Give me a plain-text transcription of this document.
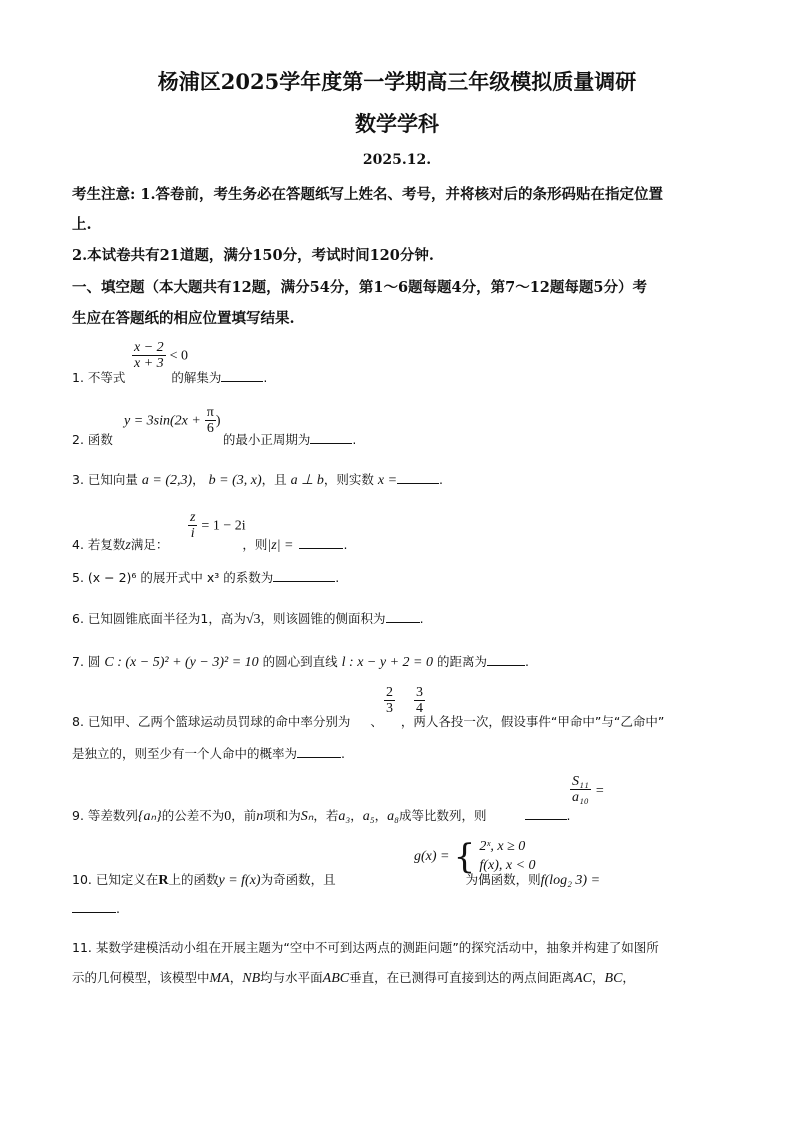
杨浦区2025学年度第一学期高三年级模拟质量调研
数学学科
2025.12.
考生注意: 1.答卷前，考生务必在答题纸写上姓名、考号，并将核对后的条形码贴在指定位置
上.
2.本试卷共有21道题，满分150分，考试时间120分钟.
一、填空题（本大题共有12题，满分54分，第1～6题每题4分，第7～12题每题5分）考
生应在答题纸的相应位置填写结果.
$\frac{x - 2}{x + 3} < 0$
1. 不等式	的解集为	.
$y = 3\sin(2x + \frac{\pi}{6}$ )
2. 函数	的最小正周期为	.
3. 已知向量 a = (2,3)， b = (3, x)，且 a ⊥ b，则实数 x =	.

$\frac{z}{i} = 1 - 2i$
4. 若复数z满足：	，则|z| =	.
5. (x − 2)⁶ 的展开式中 x³ 的系数为	.
6. 已知圆锥底面半径为1，高为√3，则该圆锥的侧面积为	.
7. 圆 C : (x − 5)² + (y − 3)² = 10 的圆心到直线 l : x − y + 2 = 0 的距离为	.
$\frac{2}{3} \frac{3}{4}$
8. 已知甲、乙两个篮球运动员罚球的命中率分别为 、 ，两人各投一次，假设事件“甲命中”与“乙命中”
是独立的，则至少有一个人命中的概率为	.
$\frac{\text{S₁₁}}{\text{a₁₀}}$ =
9. 等差数列{aₙ}的公差不为0，前n项和为Sₙ，若a₃，a₅，a₈成等比数列，则	.
g(x) = { 2ˣ, x ≥ 0
f(x), x < 0
10. 已知定义在R上的函数y = f(x)为奇函数，且	为偶函数，则f(log₂ 3) =
.
11. 某数学建模活动小组在开展主题为“空中不可到达两点的测距问题”的探究活动中，抽象并构建了如图所
示的几何模型，该模型中MA，NB均与水平面ABC垂直，在已测得可直接到达的两点间距离AC，BC，
